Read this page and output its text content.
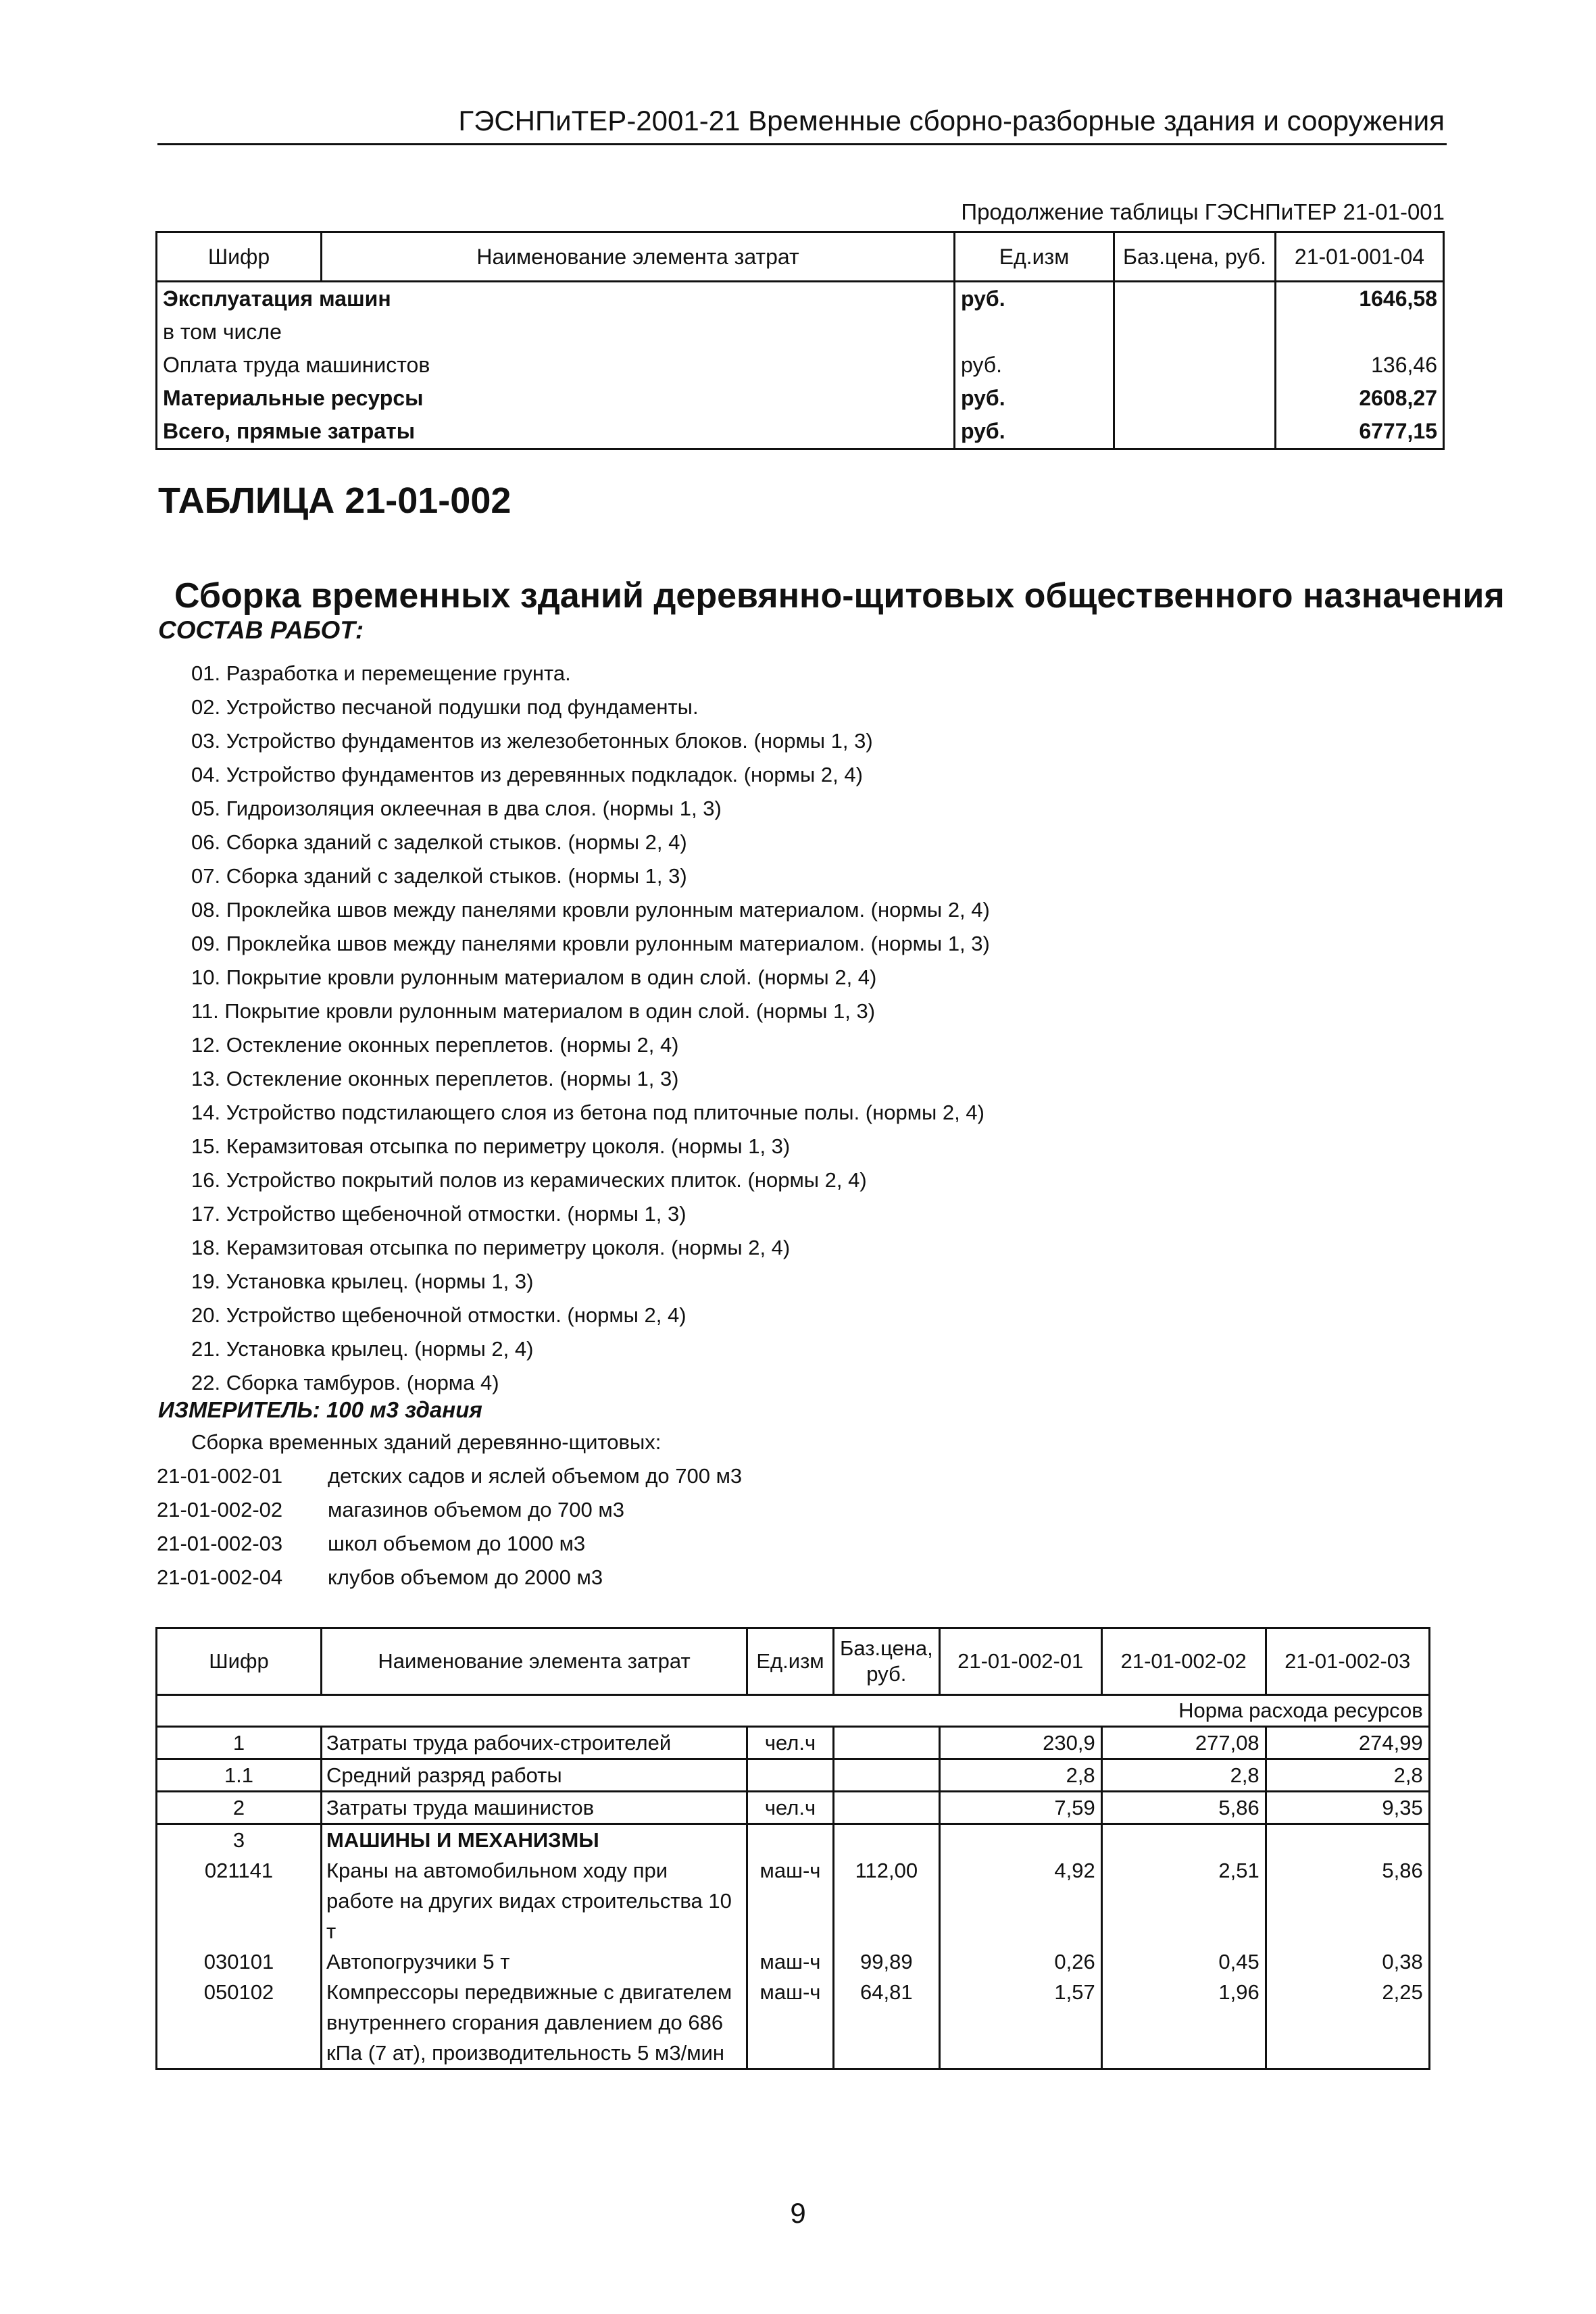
ГЭСНПиТЕР-2001-21 Временные сборно-разборные здания и сооружения
Продолжение таблицы ГЭСНПиТЕР 21-01-001
Шифр	Наименование элемента затрат	Ед.изм	Баз.цена, руб.	21-01-001-04
Эксплуатация машин		руб.		1646,58
в том числе				
Оплата труда машинистов		руб.		136,46
Материальные ресурсы		руб.		2608,27
Всего, прямые затраты		руб.		6777,15
ТАБЛИЦА 21-01-002
Сборка временных зданий деревянно-щитовых общественного назначения
СОСТАВ РАБОТ:
01. Разработка и перемещение грунта.
02. Устройство песчаной подушки под фундаменты.
03. Устройство фундаментов из железобетонных блоков. (нормы 1, 3)
04. Устройство фундаментов из деревянных подкладок. (нормы 2, 4)
05. Гидроизоляция оклеечная в два слоя. (нормы 1, 3)
06. Сборка зданий с заделкой стыков. (нормы 2, 4)
07. Сборка зданий с заделкой стыков. (нормы 1, 3)
08. Проклейка швов между панелями кровли рулонным материалом. (нормы 2, 4)
09. Проклейка швов между панелями кровли рулонным материалом. (нормы 1, 3)
10. Покрытие кровли рулонным материалом в один слой. (нормы 2, 4)
11. Покрытие кровли рулонным материалом в один слой. (нормы 1, 3)
12. Остекление оконных переплетов. (нормы 2, 4)
13. Остекление оконных переплетов. (нормы 1, 3)
14. Устройство подстилающего слоя из бетона под плиточные полы. (нормы 2, 4)
15. Керамзитовая отсыпка по периметру цоколя. (нормы 1, 3)
16. Устройство покрытий полов из керамических плиток. (нормы 2, 4)
17. Устройство щебеночной отмостки. (нормы 1, 3)
18. Керамзитовая отсыпка по периметру цоколя. (нормы 2, 4)
19. Установка крылец. (нормы 1, 3)
20. Устройство щебеночной отмостки. (нормы 2, 4)
21. Установка крылец. (нормы 2, 4)
22. Сборка тамбуров. (норма 4)
ИЗМЕРИТЕЛЬ: 100 м3 здания
Сборка временных зданий деревянно-щитовых:
21-01-002-01 детских садов и яслей объемом до 700 м3
21-01-002-02 магазинов объемом до 700 м3
21-01-002-03 школ объемом до 1000 м3
21-01-002-04 клубов объемом до 2000 м3
Шифр	Наименование элемента затрат	Ед.изм	Баз.цена, руб.	21-01-002-01	21-01-002-02	21-01-002-03
Норма расхода ресурсов						
1	Затраты труда рабочих-строителей	чел.ч		230,9	277,08	274,99
1.1	Средний разряд работы			2,8	2,8	2,8
2	Затраты труда машинистов	чел.ч		7,59	5,86	9,35
3	МАШИНЫ И МЕХАНИЗМЫ					
021141	Краны на автомобильном ходу при работе на других видах строительства 10 т	маш-ч	112,00	4,92	2,51	5,86
030101	Автопогрузчики 5 т	маш-ч	99,89	0,26	0,45	0,38
050102	Компрессоры передвижные с двигателем внутреннего сгорания давлением до 686 кПа (7 ат), производительность 5 м3/мин	маш-ч	64,81	1,57	1,96	2,25
9
